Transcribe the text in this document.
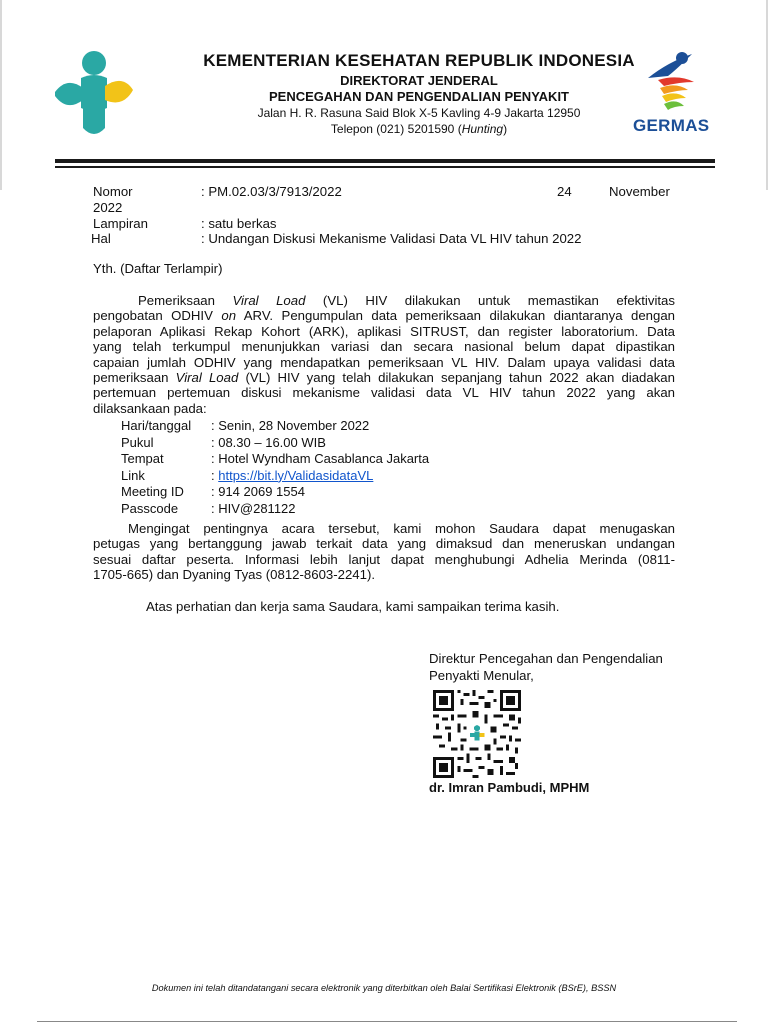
KEMENTERIAN KESEHATAN REPUBLIK INDONESIA
DIREKTORAT JENDERAL
PENCEGAHAN DAN PENGENDALIAN PENYAKIT
Jalan H. R. Rasuna Said Blok X-5 Kavling 4-9 Jakarta 12950
Telepon (021) 5201590 (Hunting)	GERMAS
Nomor	: PM.02.03/3/7913/2022	24	November
2022
Lampiran	: satu berkas
Hal	: Undangan Diskusi Mekanisme Validasi Data VL HIV tahun 2022
Yth. (Daftar Terlampir)
Pemeriksaan Viral Load (VL) HIV dilakukan untuk memastikan efektivitas
pengobatan ODHIV on ARV. Pengumpulan data pemeriksaan dilakukan diantaranya dengan
pelaporan Aplikasi Rekap Kohort (ARK), aplikasi SITRUST, dan register laboratorium. Data
yang telah terkumpul menunjukkan variasi dan secara nasional belum dapat dipastikan
capaian jumlah ODHIV yang mendapatkan pemeriksaan VL HIV. Dalam upaya validasi data
pemeriksaan Viral Load (VL) HIV yang telah dilakukan sepanjang tahun 2022 akan diadakan
pertemuan pertemuan diskusi mekanisme validasi data VL HIV tahun 2022 yang akan
dilaksankaan pada:
Hari/tanggal : Senin, 28 November 2022
Pukul	: 08.30 – 16.00 WIB
Tempat	: Hotel Wyndham Casablanca Jakarta
Link	: https://bit.ly/ValidasidataVL
Meeting ID : 914 2069 1554
Passcode	: HIV@281122
Mengingat pentingnya acara tersebut, kami mohon Saudara dapat menugaskan
petugas yang bertanggung jawab terkait data yang dimaksud dan meneruskan undangan
sesuai daftar peserta. Informasi lebih lanjut dapat menghubungi Adhelia Merinda (0811-
1705-665) dan Dyaning Tyas (0812-8603-2241).
Atas perhatian dan kerja sama Saudara, kami sampaikan terima kasih.
Direktur Pencegahan dan Pengendalian
Penyakti Menular,
dr. Imran Pambudi, MPHM
Dokumen ini telah ditandatangani secara elektronik yang diterbitkan oleh Balai Sertifikasi Elektronik (BSrE), BSSN
